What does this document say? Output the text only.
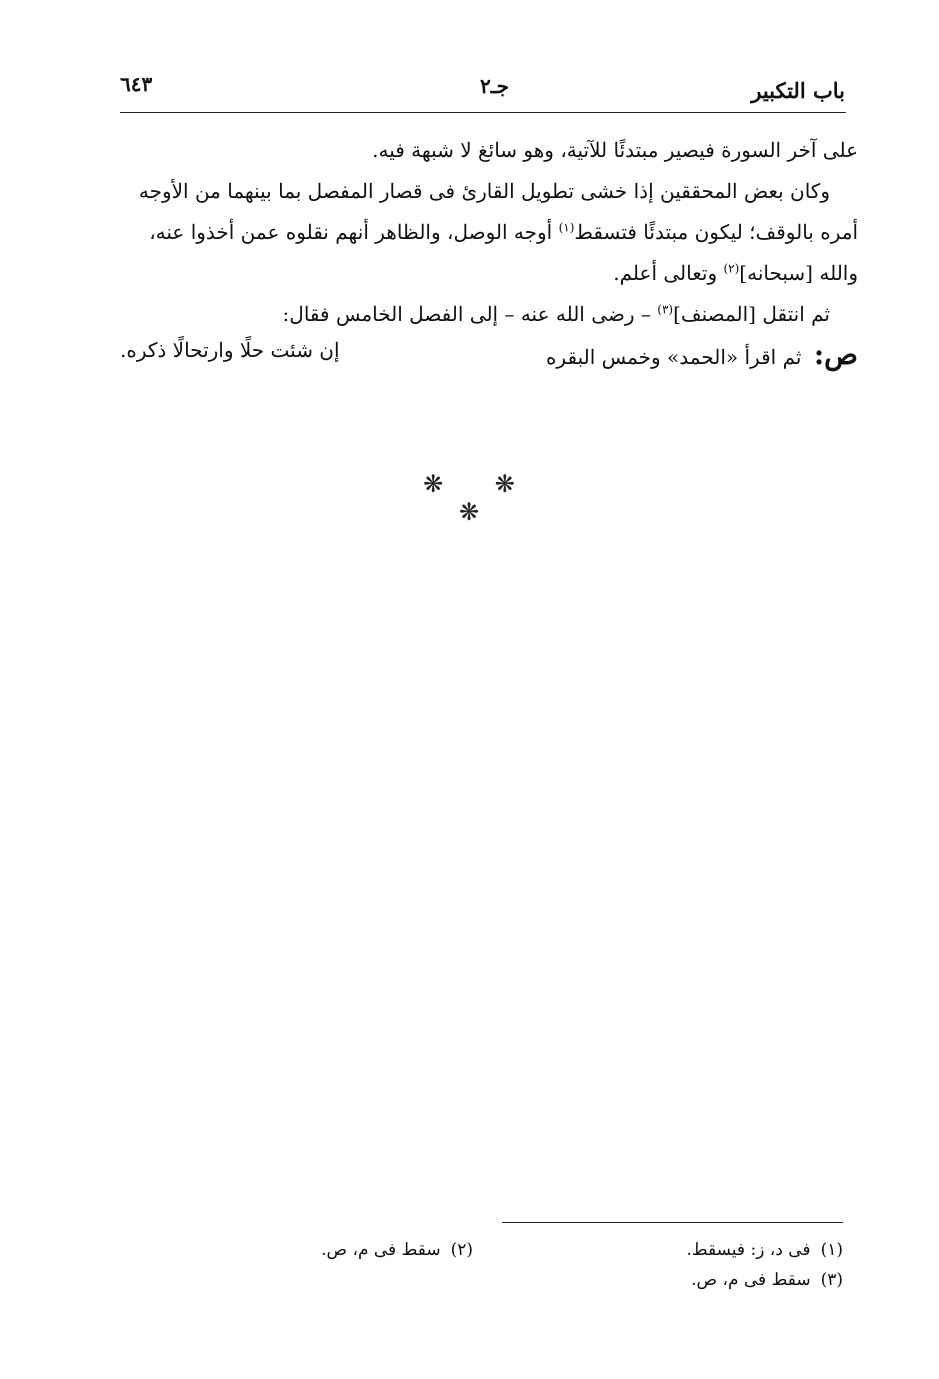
باب التكبير
جـ٢
٦٤٣
على آخر السورة فيصير مبتدئًا للآتية، وهو سائغ لا شبهة فيه.
وكان بعض المحققين إذا خشى تطويل القارئ فى قصار المفصل بما بينهما من الأوجه
أمره بالوقف؛ ليكون مبتدئًا فتسقط$^{(١)}$ أوجه الوصل، والظاهر أنهم نقلوه عمن أخذوا عنه،
والله [سبحانه]$^{(٢)}$ وتعالى أعلم.
ثم انتقل [المصنف]$^{(٣)}$ – رضى الله عنه – إلى الفصل الخامس فقال:
ص: ثم اقرأ «الحمد» وخمس البقره
إن شئت حلًا وارتحالًا ذكره.
❋ ❋ ❋
(١)فى د، ز: فيسقط.
(٢)سقط فى م، ص.
(٣)سقط فى م، ص.
